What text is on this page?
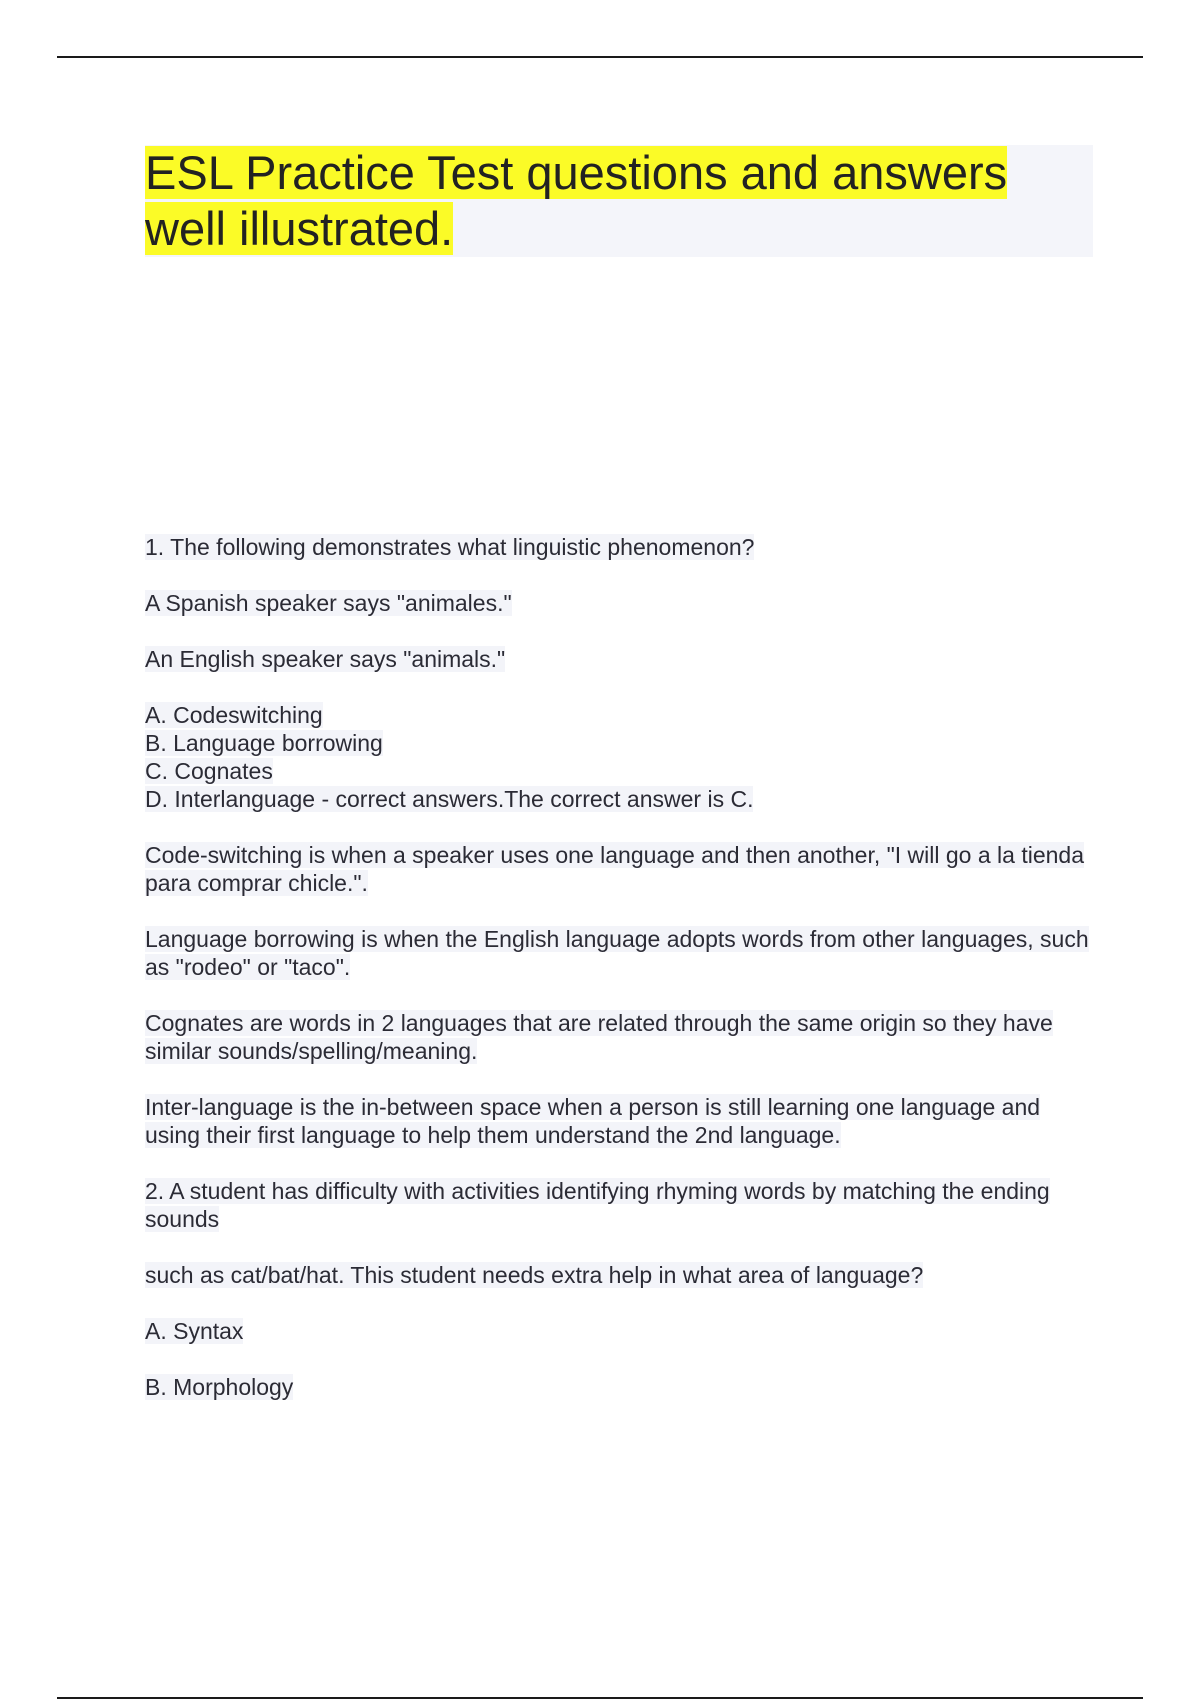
ESL Practice Test questions and answers well illustrated.

1. The following demonstrates what linguistic phenomenon?

A Spanish speaker says "animales."

An English speaker says "animals."

A. Codeswitching
B. Language borrowing
C. Cognates
D. Interlanguage - correct answers.The correct answer is C.

Code-switching is when a speaker uses one language and then another, "I will go a la tienda para comprar chicle.".

Language borrowing is when the English language adopts words from other languages, such as "rodeo" or "taco".

Cognates are words in 2 languages that are related through the same origin so they have similar sounds/spelling/meaning.

Inter-language is the in-between space when a person is still learning one language and using their first language to help them understand the 2nd language.

2. A student has difficulty with activities identifying rhyming words by matching the ending sounds

such as cat/bat/hat. This student needs extra help in what area of language?

A. Syntax

B. Morphology
